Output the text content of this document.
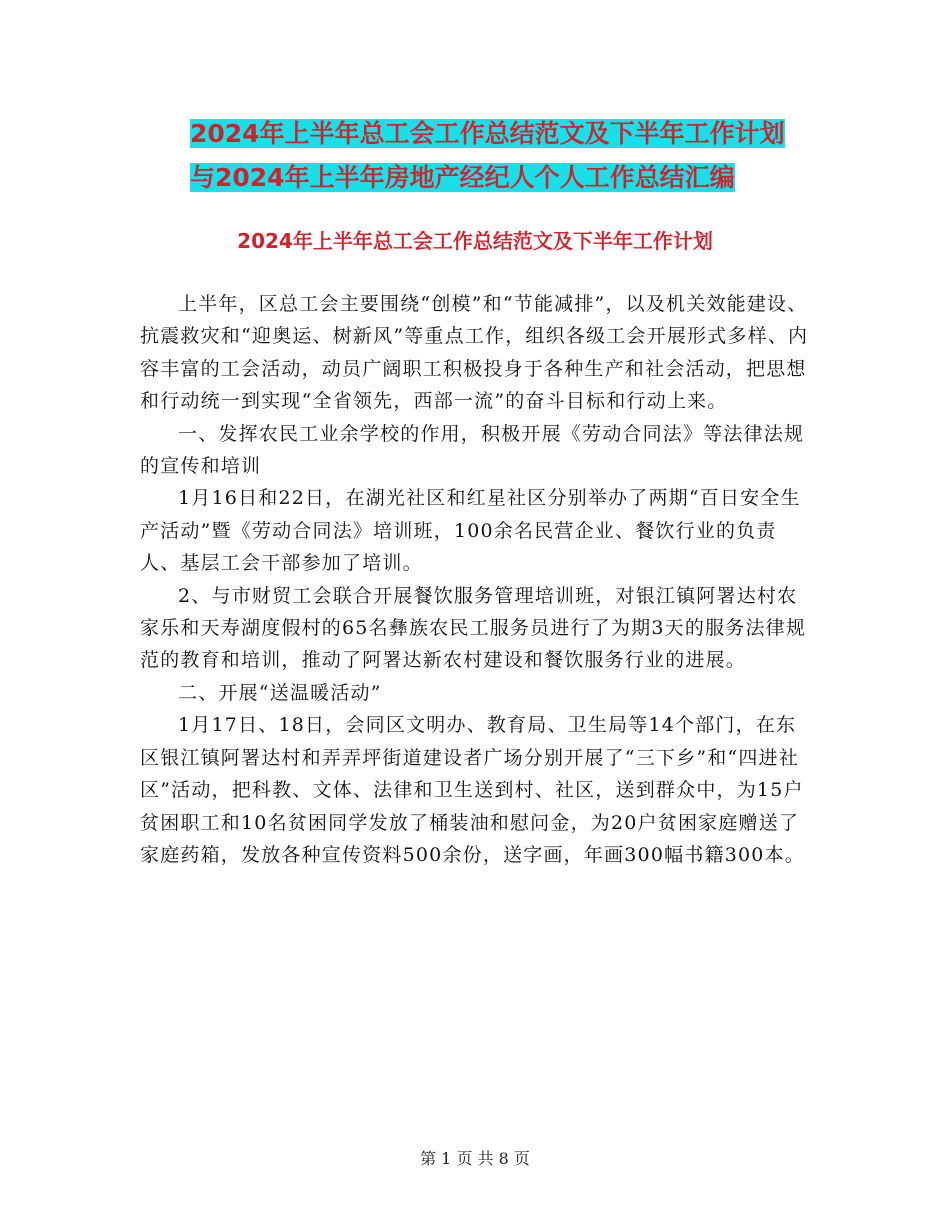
2024年上半年总工会工作总结范文及下半年工作计划
与2024年上半年房地产经纪人个人工作总结汇编
2024年上半年总工会工作总结范文及下半年工作计划

上半年，区总工会主要围绕“创模”和“节能减排”，以及机关效能建设、抗震救灾和“迎奥运、树新风”等重点工作，组织各级工会开展形式多样、内容丰富的工会活动，动员广阔职工积极投身于各种生产和社会活动，把思想和行动统一到实现“全省领先，西部一流”的奋斗目标和行动上来。

一、发挥农民工业余学校的作用，积极开展《劳动合同法》等法律法规的宣传和培训

1月16日和22日，在湖光社区和红星社区分别举办了两期“百日安全生产活动”暨《劳动合同法》培训班，100余名民营企业、餐饮行业的负责人、基层工会干部参加了培训。

2、与市财贸工会联合开展餐饮服务管理培训班，对银江镇阿署达村农家乐和天寿湖度假村的65名彝族农民工服务员进行了为期3天的服务法律规范的教育和培训，推动了阿署达新农村建设和餐饮服务行业的进展。

二、开展“送温暖活动”

1月17日、18日，会同区文明办、教育局、卫生局等14个部门，在东区银江镇阿署达村和弄弄坪街道建设者广场分别开展了“三下乡”和“四进社区”活动，把科教、文体、法律和卫生送到村、社区，送到群众中，为15户贫困职工和10名贫困同学发放了桶装油和慰问金，为20户贫困家庭赠送了家庭药箱，发放各种宣传资料500余份，送字画，年画300幅书籍300本。

第 1 页 共 8 页
